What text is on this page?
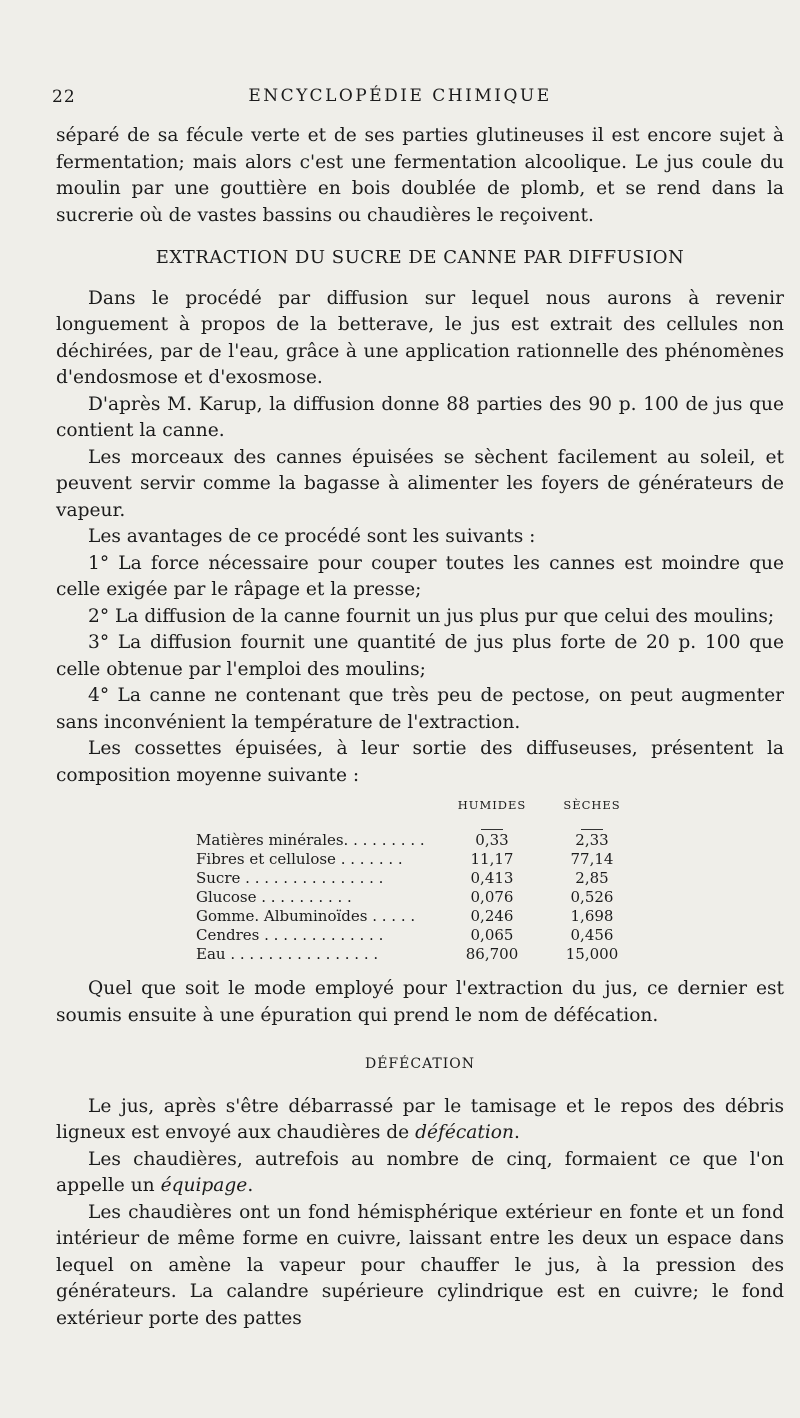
22	ENCYCLOPÉDIE CHIMIQUE

séparé de sa fécule verte et de ses parties glutineuses il est encore sujet à fermentation; mais alors c'est une fermentation alcoolique. Le jus coule du moulin par une gouttière en bois doublée de plomb, et se rend dans la sucrerie où de vastes bassins ou chaudières le reçoivent.

EXTRACTION DU SUCRE DE CANNE PAR DIFFUSION

Dans le procédé par diffusion sur lequel nous aurons à revenir longuement à propos de la betterave, le jus est extrait des cellules non déchirées, par de l'eau, grâce à une application rationnelle des phénomènes d'endosmose et d'exosmose.

D'après M. Karup, la diffusion donne 88 parties des 90 p. 100 de jus que contient la canne.

Les morceaux des cannes épuisées se sèchent facilement au soleil, et peuvent servir comme la bagasse à alimenter les foyers de générateurs de vapeur.

Les avantages de ce procédé sont les suivants :

1° La force nécessaire pour couper toutes les cannes est moindre que celle exigée par le râpage et la presse;

2° La diffusion de la canne fournit un jus plus pur que celui des moulins;

3° La diffusion fournit une quantité de jus plus forte de 20 p. 100 que celle obtenue par l'emploi des moulins;

4° La canne ne contenant que très peu de pectose, on peut augmenter sans inconvénient la température de l'extraction.

Les cossettes épuisées, à leur sortie des diffuseuses, présentent la composition moyenne suivante :

	HUMIDES	SÈCHES

Matières minérales. . . . . . . . .	0,33	2,33
Fibres et cellulose . . . . . . .	11,17	77,14
Sucre . . . . . . . . . . . . . . .	0,413	2,85
Glucose . . . . . . . . . .	0,076	0,526
Gomme. Albuminoïdes . . . . .	0,246	1,698
Cendres . . . . . . . . . . . . .	0,065	0,456
Eau . . . . . . . . . . . . . . . .	86,700	15,000

Quel que soit le mode employé pour l'extraction du jus, ce dernier est soumis ensuite à une épuration qui prend le nom de défécation.

DÉFÉCATION

Le jus, après s'être débarrassé par le tamisage et le repos des débris ligneux est envoyé aux chaudières de défécation.

Les chaudières, autrefois au nombre de cinq, formaient ce que l'on appelle un équipage.

Les chaudières ont un fond hémisphérique extérieur en fonte et un fond intérieur de même forme en cuivre, laissant entre les deux un espace dans lequel on amène la vapeur pour chauffer le jus, à la pression des générateurs. La calandre supérieure cylindrique est en cuivre; le fond extérieur porte des pattes
